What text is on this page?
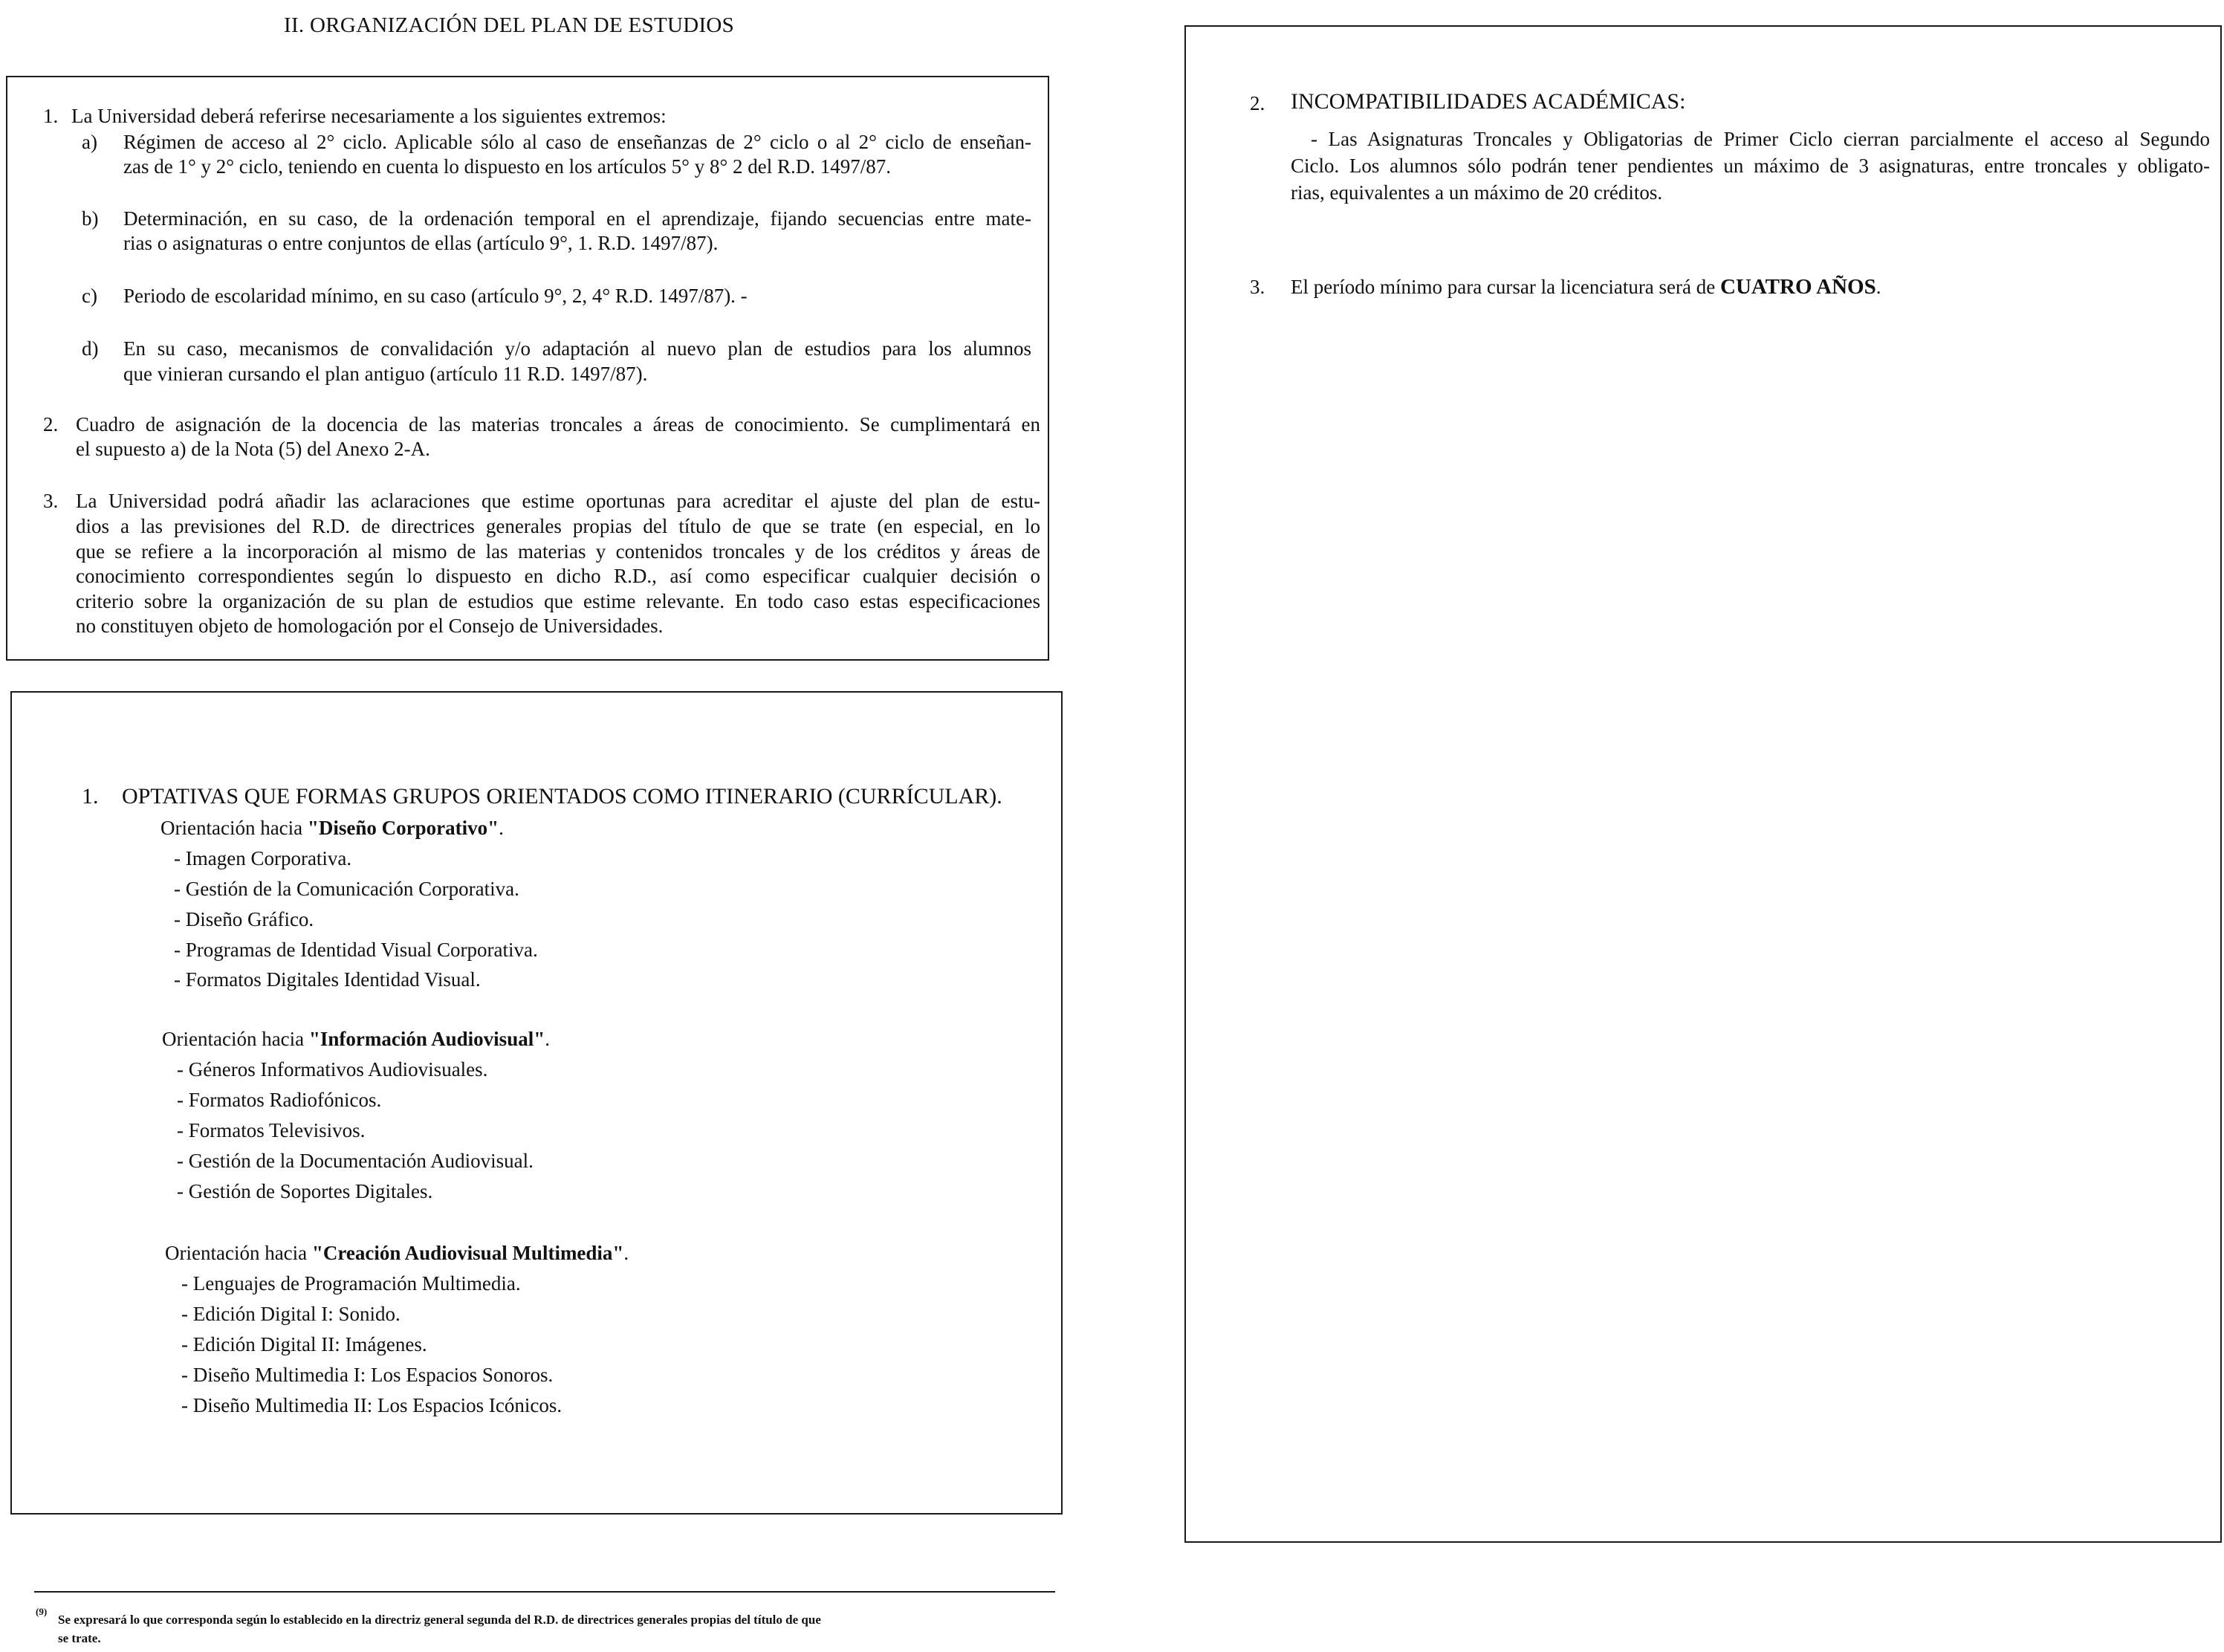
II. ORGANIZACIÓN DEL PLAN DE ESTUDIOS
1. La Universidad deberá referirse necesariamente a los siguientes extremos:
a) Régimen de acceso al 2° ciclo. Aplicable sólo al caso de enseñanzas de 2° ciclo o al 2° ciclo de enseñan-
zas de 1° y 2° ciclo, teniendo en cuenta lo dispuesto en los artículos 5° y 8° 2 del R.D. 1497/87.
b) Determinación, en su caso, de la ordenación temporal en el aprendizaje, fijando secuencias entre mate-
rias o asignaturas o entre conjuntos de ellas (artículo 9°, 1. R.D. 1497/87).
c) Periodo de escolaridad mínimo, en su caso (artículo 9°, 2, 4° R.D. 1497/87). -
d) En su caso, mecanismos de convalidación y/o adaptación al nuevo plan de estudios para los alumnos
que vinieran cursando el plan antiguo (artículo 11 R.D. 1497/87).
2. Cuadro de asignación de la docencia de las materias troncales a áreas de conocimiento. Se cumplimentará en
el supuesto a) de la Nota (5) del Anexo 2-A.
3. La Universidad podrá añadir las aclaraciones que estime oportunas para acreditar el ajuste del plan de estu-
dios a las previsiones del R.D. de directrices generales propias del título de que se trate (en especial, en lo
que se refiere a la incorporación al mismo de las materias y contenidos troncales y de los créditos y áreas de
conocimiento correspondientes según lo dispuesto en dicho R.D., así como especificar cualquier decisión o
criterio sobre la organización de su plan de estudios que estime relevante. En todo caso estas especificaciones
no constituyen objeto de homologación por el Consejo de Universidades.
1. OPTATIVAS QUE FORMAS GRUPOS ORIENTADOS COMO ITINERARIO (CURRÍCULAR).
Orientación hacia "Diseño Corporativo".
- Imagen Corporativa.
- Gestión de la Comunicación Corporativa.
- Diseño Gráfico.
- Programas de Identidad Visual Corporativa.
- Formatos Digitales Identidad Visual.
Orientación hacia "Información Audiovisual".
- Géneros Informativos Audiovisuales.
- Formatos Radiofónicos.
- Formatos Televisivos.
- Gestión de la Documentación Audiovisual.
- Gestión de Soportes Digitales.
Orientación hacia "Creación Audiovisual Multimedia".
- Lenguajes de Programación Multimedia.
- Edición Digital I: Sonido.
- Edición Digital II: Imágenes.
- Diseño Multimedia I: Los Espacios Sonoros.
- Diseño Multimedia II: Los Espacios Icónicos.
2. INCOMPATIBILIDADES ACADÉMICAS:
- Las Asignaturas Troncales y Obligatorias de Primer Ciclo cierran parcialmente el acceso al Segundo
Ciclo. Los alumnos sólo podrán tener pendientes un máximo de 3 asignaturas, entre troncales y obligato-
rias, equivalentes a un máximo de 20 créditos.
3. El período mínimo para cursar la licenciatura será de CUATRO AÑOS.
(9)
Se expresará lo que corresponda según lo establecido en la directriz general segunda del R.D. de directrices generales propias del título de que
se trate.
